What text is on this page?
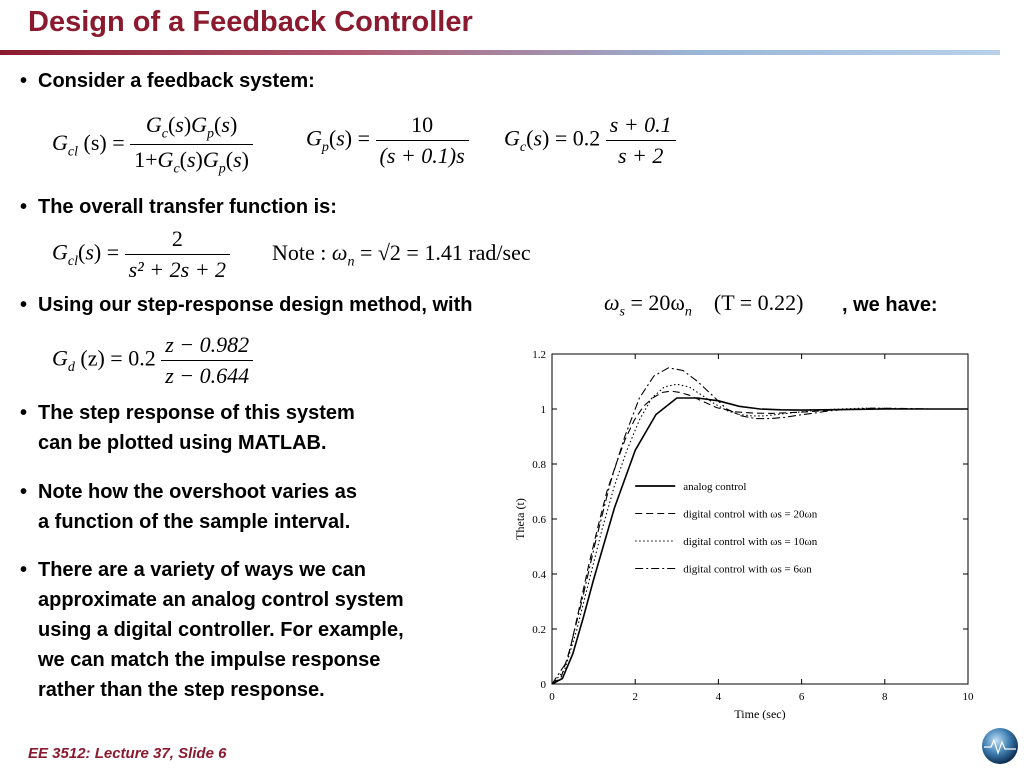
Design of a Feedback Controller
• Consider a feedback system:
$G_{cl}$ $(s) = \frac{G_c(s)G_p(s)}{1+G_c(s)G_p(s)} G_p(s) = \frac{10}{(s + 0.1)s} G_c(s) = 0.2 \frac{s + 0.1}{s + 2}$
• The overall transfer function is:
$G_{cl}(s) = \frac{2}{\text{s² + 2s + 2}}$ Note : $\omega_n = √2 = 1.41$ rad/sec
• Using our step-response design method, with	$\omega_s = 20\omega_n$ (T = 0.22) , we have:
$G_d$ $(z) = 0.2 \frac{z - 0.982}{z - 0.644}$
• The step response of this system
can be plotted using MATLAB.
• Note how the overshoot varies as
a function of the sample interval.
• There are a variety of ways we can
approximate an analog control system
using a digital controller. For example,
we can match the impulse response
rather than the step response.	0	2	4	6	8	10
0
0.2
0.4
0.6
0.8
1
1.2
Time (sec)
Theta (t)
analog control
digital control with ωs = 20ωn
digital control with ωs = 10ωn
digital control with ωs = 6ωn
EE 3512: Lecture 37, Slide 6
